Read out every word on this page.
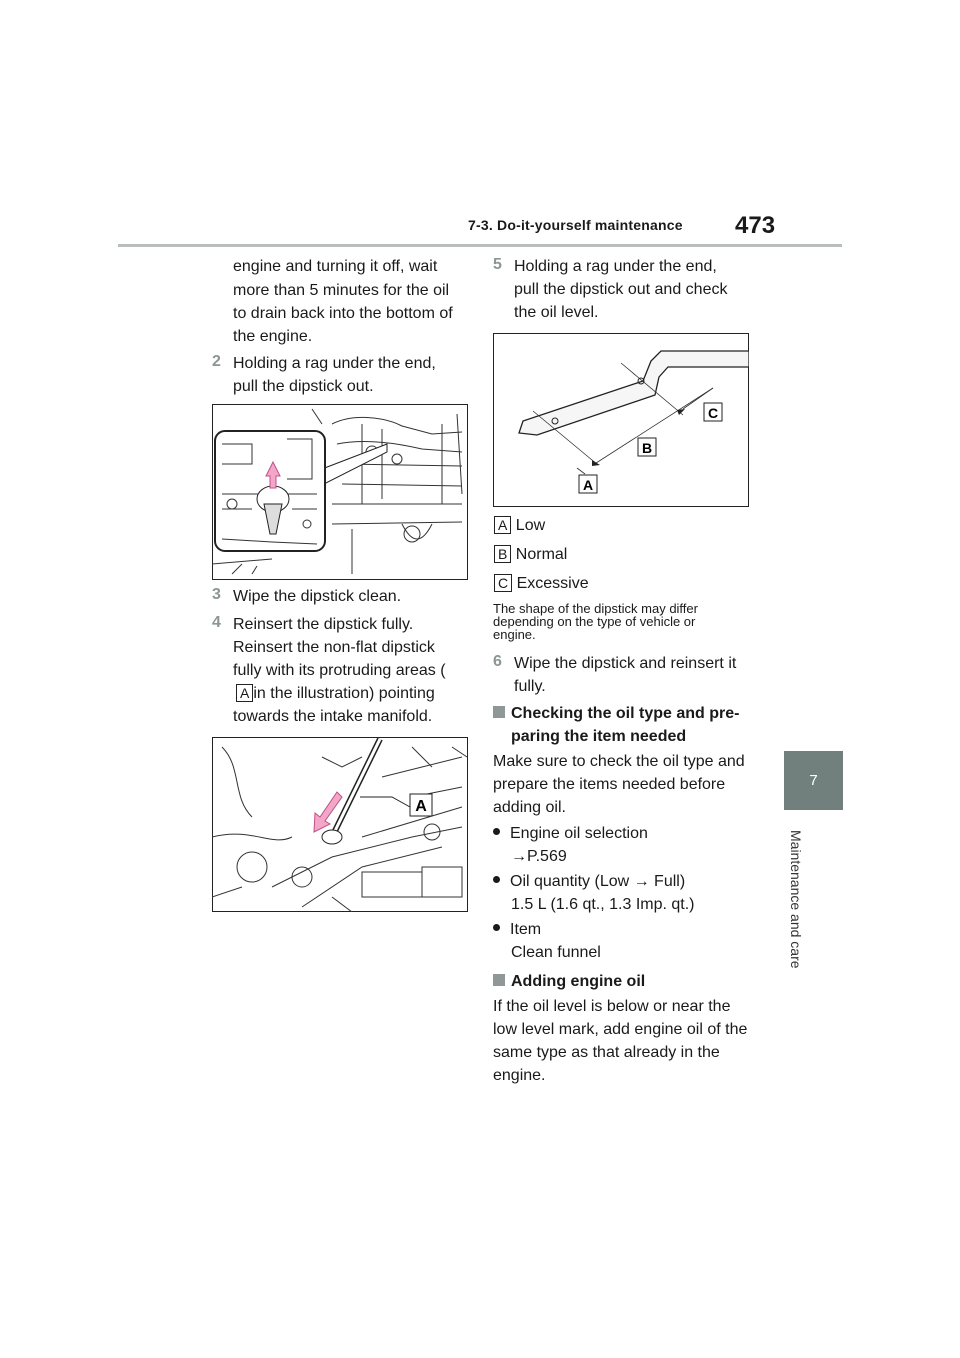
7-3. Do-it-yourself maintenance 473
7
Maintenance and care
engine and turning it off, wait
more than 5 minutes for the oil
to drain back into the bottom of
the engine.
2 Holding a rag under the end,
pull the dipstick out.
3 Wipe the dipstick clean.
4 Reinsert the dipstick fully.
Reinsert the non-flat dipstick
fully with its protruding areas (
A in the illustration) pointing
towards the intake manifold.
A
5 Holding a rag under the end,
pull the dipstick out and check
the oil level.
A
B
C
A Low
B Normal
C Excessive
The shape of the dipstick may differ
depending on the type of vehicle or
engine.
6 Wipe the dipstick and reinsert it
fully.
Checking the oil type and pre-
paring the item needed
Make sure to check the oil type and
prepare the items needed before
adding oil.
Engine oil selection
→P.569
Oil quantity (Low → Full)
1.5 L (1.6 qt., 1.3 Imp. qt.)
Item
Clean funnel
Adding engine oil
If the oil level is below or near the
low level mark, add engine oil of the
same type as that already in the
engine.
